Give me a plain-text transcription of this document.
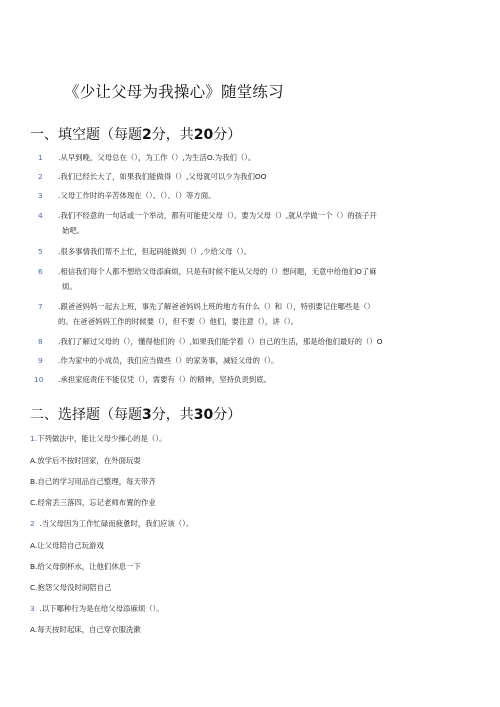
《少让父母为我操心》随堂练习
一、填空题（每题2分，共20分）
1	.从早到晚，父母总在（），为工作（）,为生活O.为我们（）。
2	.我们已经长大了，如果我们能做得（）,父母就可以少为我们OO
3	.父母工作时的辛苦体现在（）、（）、（）等方面。
4	.我们不经意的一句话或一个举动，都有可能使父母（）。要为父母（）,就从学做一个（）的孩子开
始吧。
5	.很多事情我们帮不上忙，但起码能做到（）,少给父母（）。
6	.相信我们每个人都不想给父母添麻烦，只是有时候不能从父母的（）想问题，无意中给他们O了麻
烦。
7	.跟爸爸妈妈一起去上班，事先了解爸爸妈妈上班的地方有什么（）和（），特别要记住哪些是（）
的。在爸爸妈妈工作的时候要（），但不要（）他们，要注意（），讲（）。
8	.我们了解过父母的（），懂得他们的（）,如果我们能学着（）自己的生活，那是给他们最好的（）O
9	.作为家中的小成员，我们应当做些（）的家务事，减轻父母的（）。
10	.承担家庭责任不能仅凭（），需要有（）的精神，坚持负责到底。
二、选择题（每题3分，共30分）
1.下列做法中，能让父母少操心的是（）。
A.放学后不按时回家，在外面玩耍
B.自己的学习用品自己整理，每天带齐
C.经常丢三落四，忘记老师布置的作业
2  .当父母因为工作忙碌而疲惫时，我们应该（）。
A.让父母陪自己玩游戏
B.给父母倒杯水，让他们休息一下
C.抱怨父母没时间陪自己
3  .以下哪种行为是在给父母添麻烦（）。
A.每天按时起床，自己穿衣服洗漱
